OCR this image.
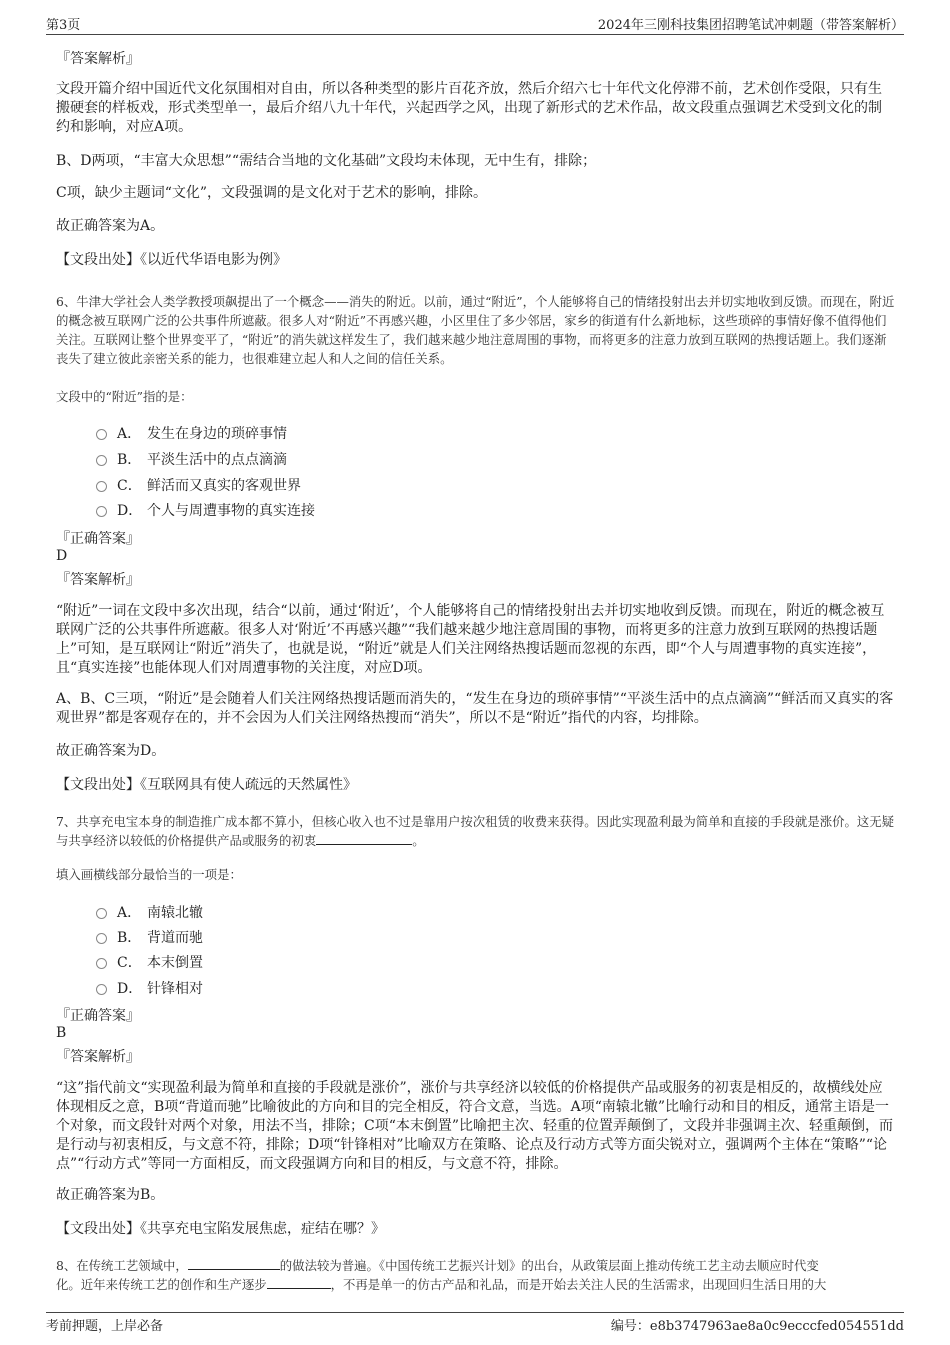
第3页	2024年三刚科技集团招聘笔试冲刺题（带答案解析）
『答案解析』
文段开篇介绍中国近代文化氛围相对自由，所以各种类型的影片百花齐放，然后介绍六七十年代文化停滞不前，艺术创作受限，只有生搬硬套的样板戏，形式类型单一，最后介绍八九十年代，兴起西学之风，出现了新形式的艺术作品，故文段重点强调艺术受到文化的制约和影响，对应A项。
B、D两项，“丰富大众思想”“需结合当地的文化基础”文段均未体现，无中生有，排除；
C项，缺少主题词“文化”，文段强调的是文化对于艺术的影响，排除。
故正确答案为A。
【文段出处】《以近代华语电影为例》
6、牛津大学社会人类学教授项飙提出了一个概念——消失的附近。以前，通过“附近”，个人能够将自己的情绪投射出去并切实地收到反馈。而现在，附近的概念被互联网广泛的公共事件所遮蔽。很多人对“附近”不再感兴趣，小区里住了多少邻居，家乡的街道有什么新地标，这些琐碎的事情好像不值得他们关注。互联网让整个世界变平了，“附近”的消失就这样发生了，我们越来越少地注意周围的事物，而将更多的注意力放到互联网的热搜话题上。我们逐渐丧失了建立彼此亲密关系的能力，也很难建立起人和人之间的信任关系。
文段中的“附近”指的是：
A． 发生在身边的琐碎事情
B． 平淡生活中的点点滴滴
C． 鲜活而又真实的客观世界
D． 个人与周遭事物的真实连接
『正确答案』
D
『答案解析』
“附近”一词在文段中多次出现，结合“以前，通过‘附近’，个人能够将自己的情绪投射出去并切实地收到反馈。而现在，附近的概念被互联网广泛的公共事件所遮蔽。很多人对‘附近’不再感兴趣”“我们越来越少地注意周围的事物，而将更多的注意力放到互联网的热搜话题上”可知，是互联网让“附近”消失了，也就是说，“附近”就是人们关注网络热搜话题而忽视的东西，即“个人与周遭事物的真实连接”，且“真实连接”也能体现人们对周遭事物的关注度，对应D项。
A、B、C三项，“附近”是会随着人们关注网络热搜话题而消失的，“发生在身边的琐碎事情”“平淡生活中的点点滴滴”“鲜活而又真实的客观世界”都是客观存在的，并不会因为人们关注网络热搜而“消失”，所以不是“附近”指代的内容，均排除。
故正确答案为D。
【文段出处】《互联网具有使人疏远的天然属性》
7、共享充电宝本身的制造推广成本都不算小，但核心收入也不过是靠用户按次租赁的收费来获得。因此实现盈利最为简单和直接的手段就是涨价。这无疑与共享经济以较低的价格提供产品或服务的初衷	。
填入画横线部分最恰当的一项是：
A． 南辕北辙
B． 背道而驰
C． 本末倒置
D． 针锋相对
『正确答案』
B
『答案解析』
“这”指代前文“实现盈利最为简单和直接的手段就是涨价”，涨价与共享经济以较低的价格提供产品或服务的初衷是相反的，故横线处应体现相反之意，B项“背道而驰”比喻彼此的方向和目的完全相反，符合文意，当选。A项“南辕北辙”比喻行动和目的相反，通常主语是一个对象，而文段针对两个对象，用法不当，排除；C项“本末倒置”比喻把主次、轻重的位置弄颠倒了，文段并非强调主次、轻重颠倒，而是行动与初衷相反，与文意不符，排除；D项“针锋相对”比喻双方在策略、论点及行动方式等方面尖锐对立，强调两个主体在“策略”“论点”“行动方式”等同一方面相反，而文段强调方向和目的相反，与文意不符，排除。
故正确答案为B。
【文段出处】《共享充电宝陷发展焦虑，症结在哪？》
8、在传统工艺领域中，	的做法较为普遍。《中国传统工艺振兴计划》的出台，从政策层面上推动传统工艺主动去顺应时代变
化。近年来传统工艺的创作和生产逐步	，不再是单一的仿古产品和礼品，而是开始去关注人民的生活需求，出现回归生活日用的大
考前押题，上岸必备	编号：e8b3747963ae8a0c9ecccfed054551dd
